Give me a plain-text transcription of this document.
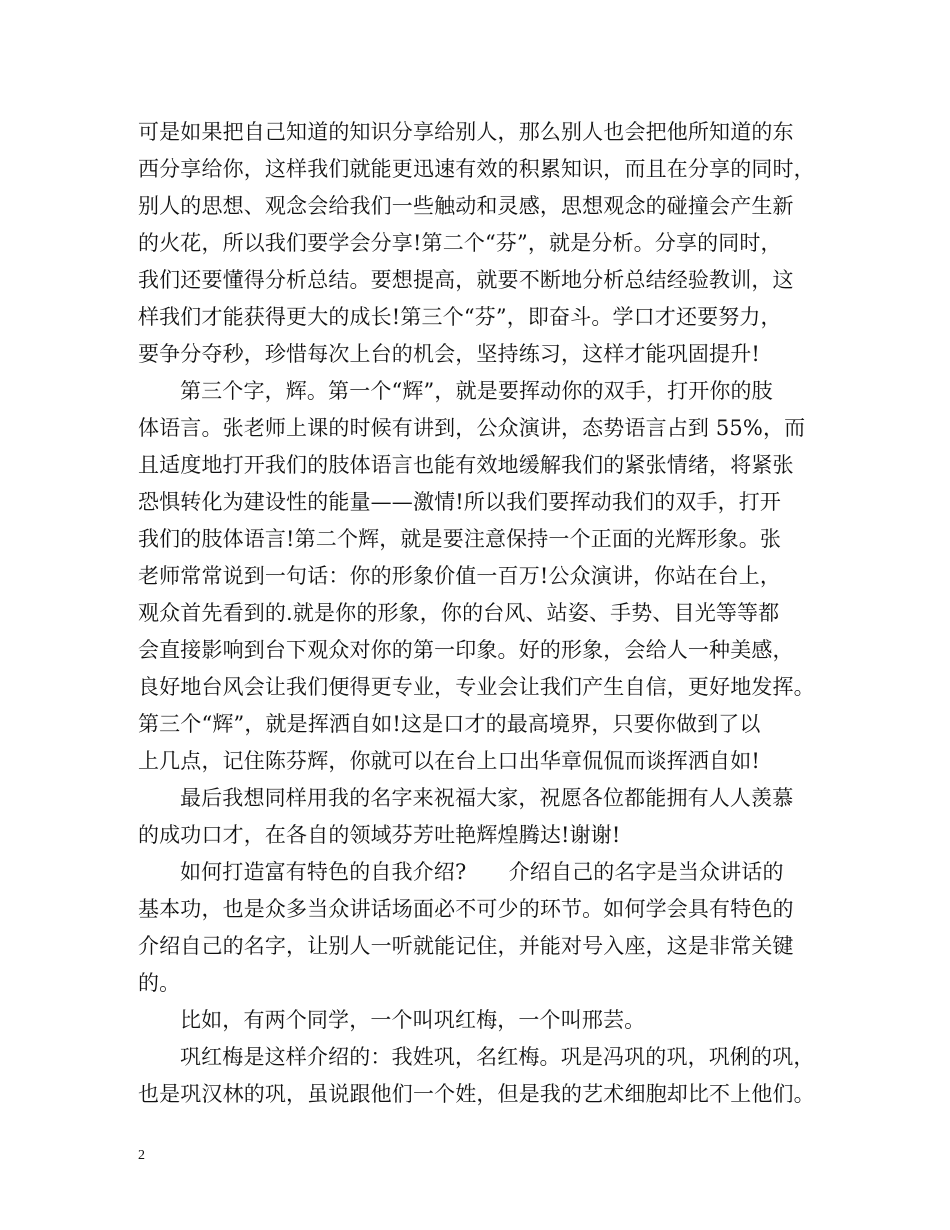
可是如果把自己知道的知识分享给别人，那么别人也会把他所知道的东
西分享给你，这样我们就能更迅速有效的积累知识，而且在分享的同时，
别人的思想、观念会给我们一些触动和灵感，思想观念的碰撞会产生新
的火花，所以我们要学会分享!第二个“芬”，就是分析。分享的同时，
我们还要懂得分析总结。要想提高，就要不断地分析总结经验教训，这
样我们才能获得更大的成长!第三个“芬”，即奋斗。学口才还要努力，
要争分夺秒，珍惜每次上台的机会，坚持练习，这样才能巩固提升!
第三个字，辉。第一个“辉”，就是要挥动你的双手，打开你的肢
体语言。张老师上课的时候有讲到，公众演讲，态势语言占到 55%，而
且适度地打开我们的肢体语言也能有效地缓解我们的紧张情绪，将紧张
恐惧转化为建设性的能量——激情!所以我们要挥动我们的双手，打开
我们的肢体语言!第二个辉，就是要注意保持一个正面的光辉形象。张
老师常常说到一句话：你的形象价值一百万!公众演讲，你站在台上，
观众首先看到的.就是你的形象，你的台风、站姿、手势、目光等等都
会直接影响到台下观众对你的第一印象。好的形象，会给人一种美感，
良好地台风会让我们便得更专业，专业会让我们产生自信，更好地发挥。
第三个“辉”，就是挥洒自如!这是口才的最高境界，只要你做到了以
上几点，记住陈芬辉，你就可以在台上口出华章侃侃而谈挥洒自如!
最后我想同样用我的名字来祝福大家，祝愿各位都能拥有人人羡慕
的成功口才，在各自的领域芬芳吐艳辉煌腾达!谢谢!
如何打造富有特色的自我介绍?　　介绍自己的名字是当众讲话的
基本功，也是众多当众讲话场面必不可少的环节。如何学会具有特色的
介绍自己的名字，让别人一听就能记住，并能对号入座，这是非常关键
的。
比如，有两个同学，一个叫巩红梅，一个叫邢芸。
巩红梅是这样介绍的：我姓巩，名红梅。巩是冯巩的巩，巩俐的巩，
也是巩汉林的巩，虽说跟他们一个姓，但是我的艺术细胞却比不上他们。
2
